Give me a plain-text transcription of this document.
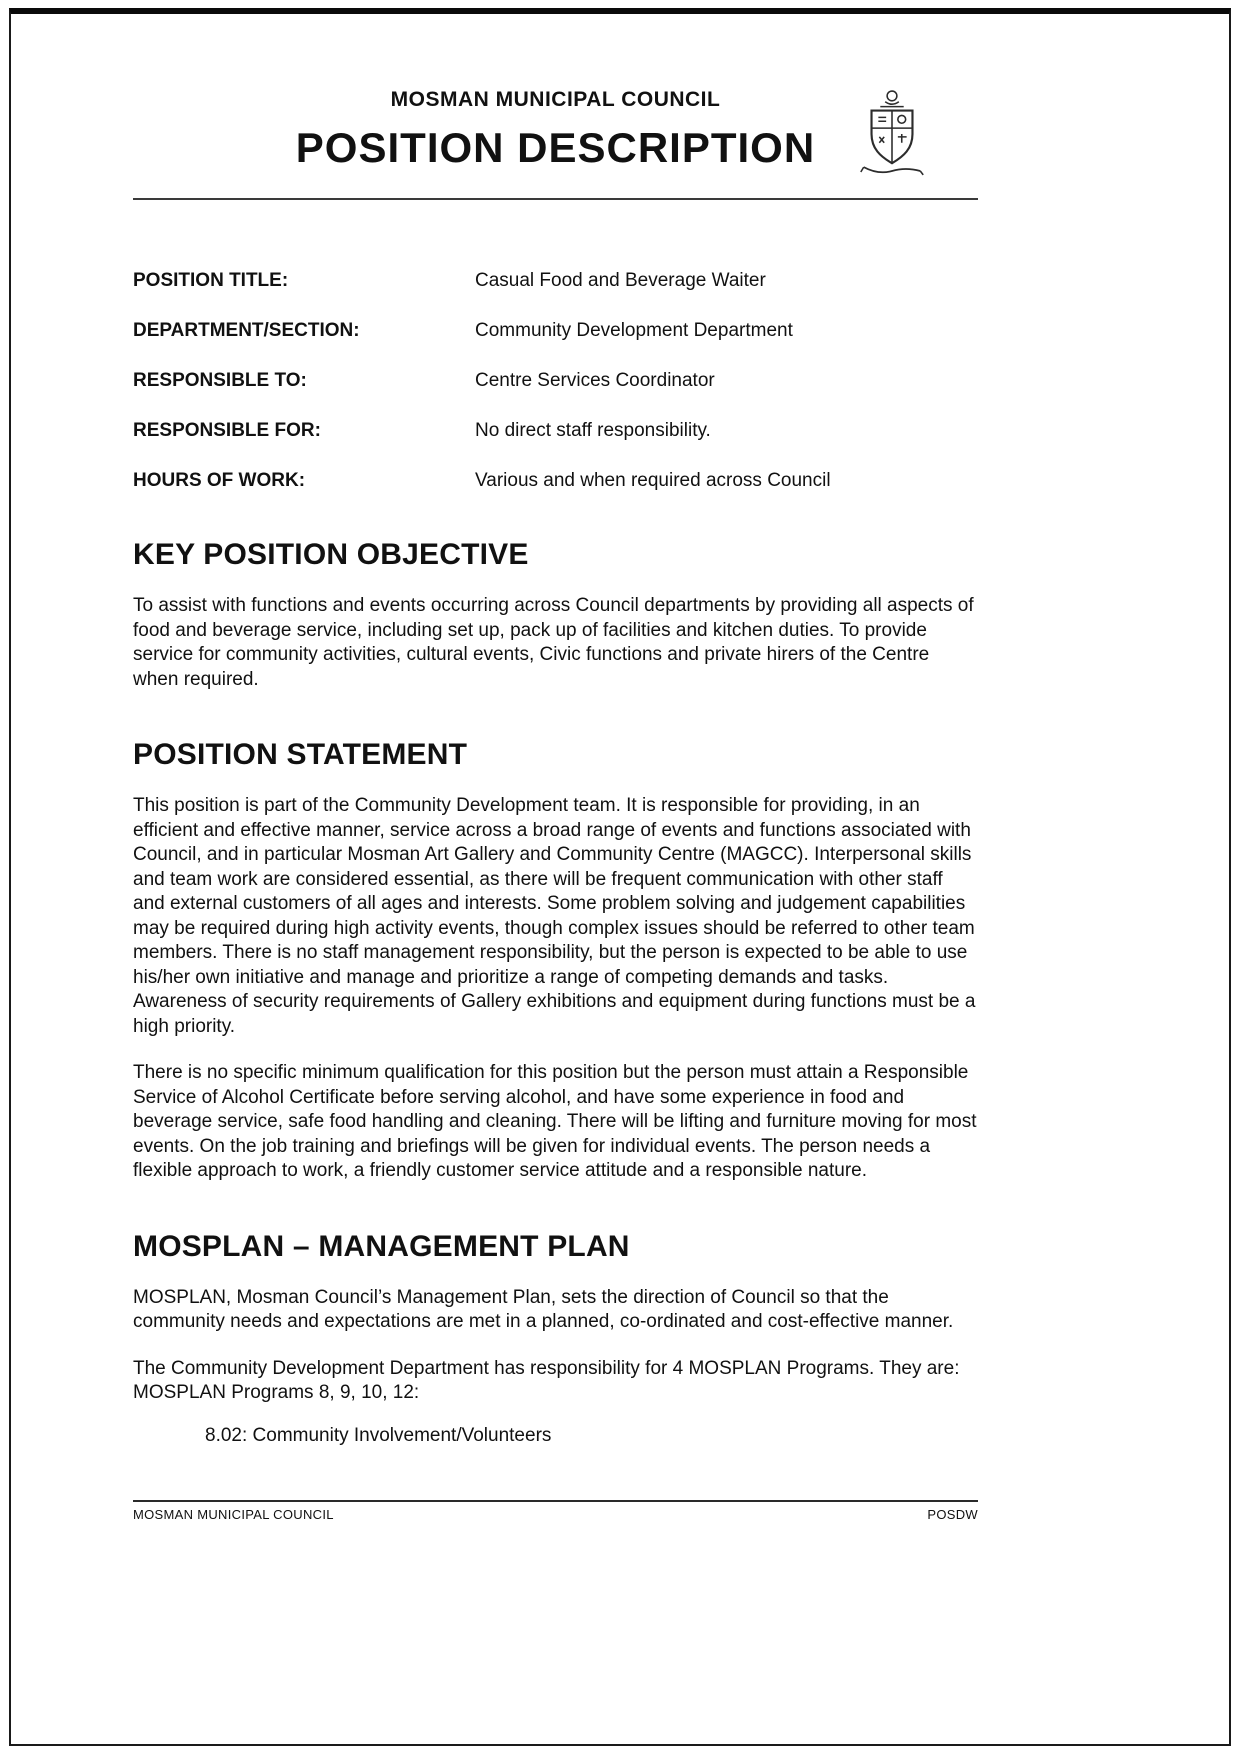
MOSMAN MUNICIPAL COUNCIL
POSITION DESCRIPTION
POSITION TITLE:	Casual Food and Beverage Waiter
DEPARTMENT/SECTION:	Community Development Department
RESPONSIBLE TO:	Centre Services Coordinator
RESPONSIBLE FOR:	No direct staff responsibility.
HOURS OF WORK:	Various and when required across Council
KEY POSITION OBJECTIVE

To assist with functions and events occurring across Council departments by providing all aspects of food and beverage service, including set up, pack up of facilities and kitchen duties. To provide service for community activities, cultural events, Civic functions and private hirers of the Centre when required.

POSITION STATEMENT

This position is part of the Community Development team. It is responsible for providing, in an efficient and effective manner, service across a broad range of events and functions associated with Council, and in particular Mosman Art Gallery and Community Centre (MAGCC). Interpersonal skills and team work are considered essential, as there will be frequent communication with other staff and external customers of all ages and interests. Some problem solving and judgement capabilities may be required during high activity events, though complex issues should be referred to other team members. There is no staff management responsibility, but the person is expected to be able to use his/her own initiative and manage and prioritize a range of competing demands and tasks. Awareness of security requirements of Gallery exhibitions and equipment during functions must be a high priority.

There is no specific minimum qualification for this position but the person must attain a Responsible Service of Alcohol Certificate before serving alcohol, and have some experience in food and beverage service, safe food handling and cleaning. There will be lifting and furniture moving for most events. On the job training and briefings will be given for individual events. The person needs a flexible approach to work, a friendly customer service attitude and a responsible nature.

MOSPLAN – MANAGEMENT PLAN

MOSPLAN, Mosman Council’s Management Plan, sets the direction of Council so that the community needs and expectations are met in a planned, co-ordinated and cost-effective manner.

The Community Development Department has responsibility for 4 MOSPLAN Programs. They are: MOSPLAN Programs 8, 9, 10, 12:

8.02: Community Involvement/Volunteers

MOSMAN MUNICIPAL COUNCIL	POSDW
